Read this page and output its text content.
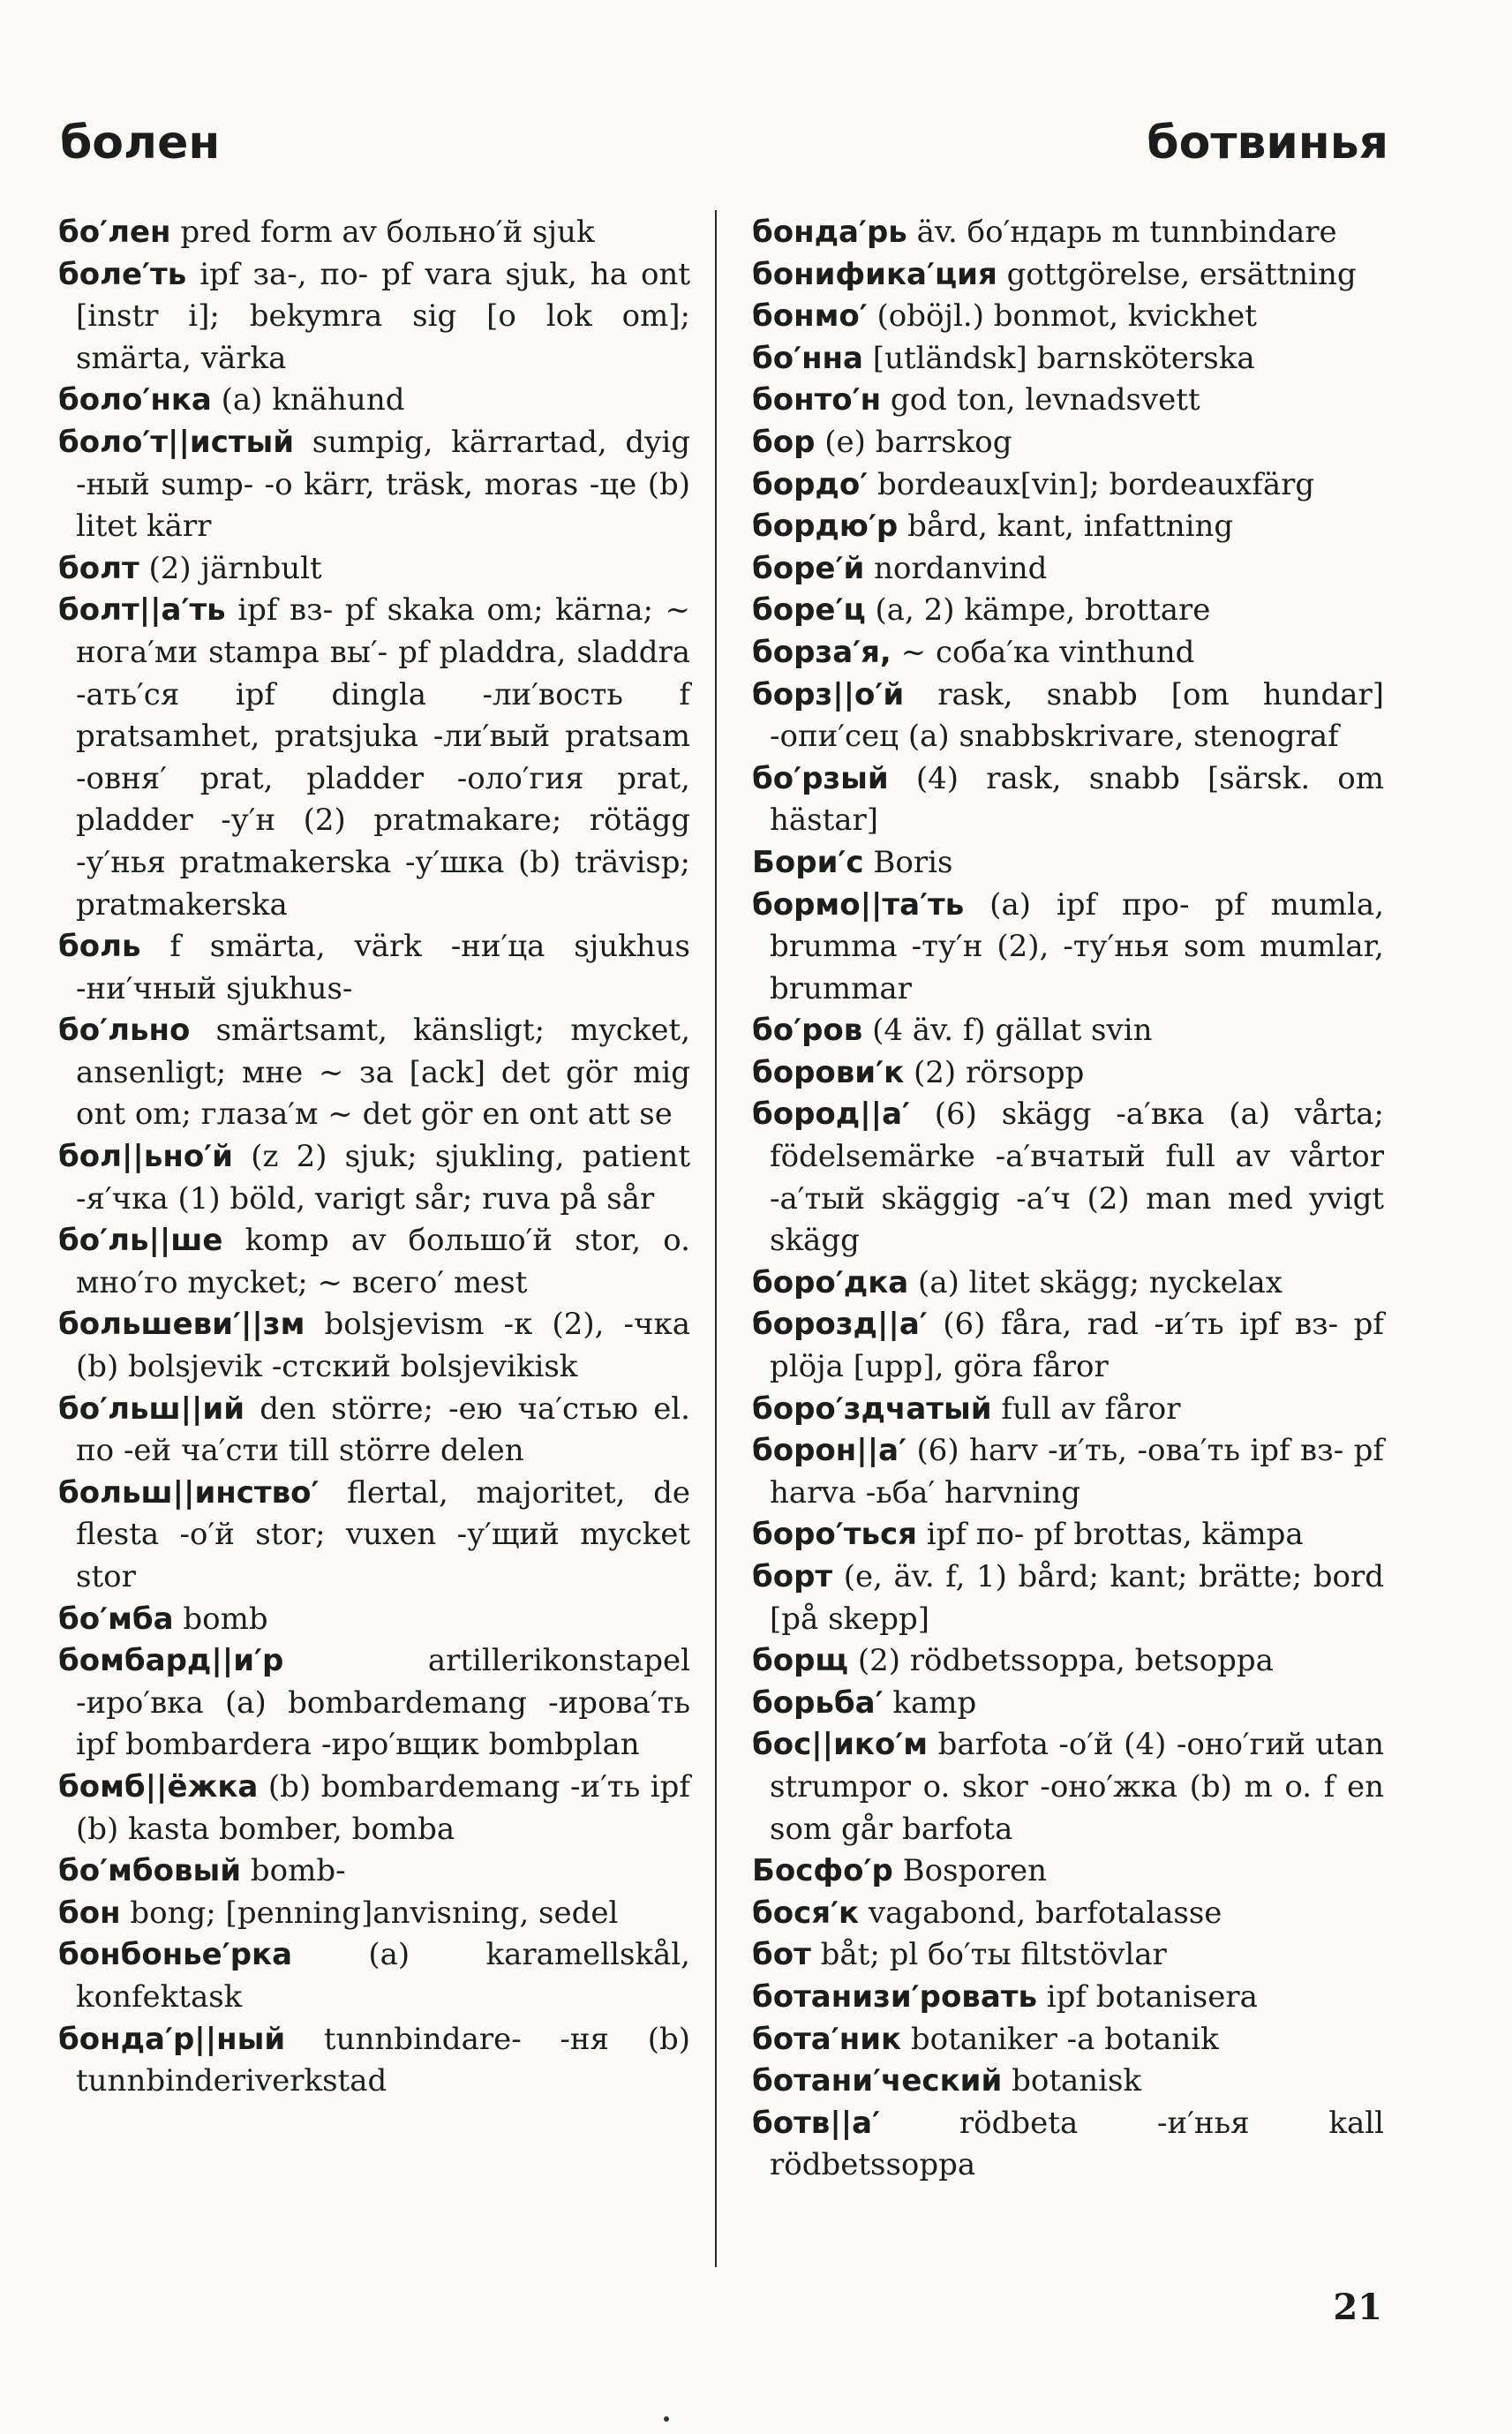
болен	ботвинья

бо′лен pred form av больно′й sjuk

боле′ть ipf за-, по- pf vara sjuk, ha ont [instr i]; bekymra sig [o lok om]; smärta, värka

боло′нка (a) knähund

боло′т||истый sumpig, kärrartad, dyig -ный sump- -о kärr, träsk, moras -це (b) litet kärr

болт (2) järnbult

болт||а′ть ipf вз- pf skaka om; kärna; ~ нога′ми stampa вы′- pf pladdra, sladdra -ать′ся ipf dingla -ли′вость f pratsamhet, pratsjuka -ли′вый pratsam -овня′ prat, pladder -оло′гия prat, pladder -у′н (2) pratmakare; rötägg -у′нья pratmakerska -у′шка (b) trävisp; pratmakerska

боль f smärta, värk -ни′ца sjukhus -ни′чный sjukhus-

бо′льно smärtsamt, känsligt; mycket, ansenligt; мне ~ за [ack] det gör mig ont om; глаза′м ~ det gör en ont att se

бол||ьно′й (z 2) sjuk; sjukling, patient -я′чка (1) böld, varigt sår; ruva på sår

бо′ль||ше komp av большо′й stor, o. мно′го mycket; ~ всего′ mest

большеви′||зм bolsjevism -к (2), -чка (b) bolsjevik -стский bolsjevikisk

бо′льш||ий den större; -ею ча′стью el. по -ей ча′сти till större delen

больш||инство′ flertal, majoritet, de flesta -о′й stor; vuxen -у′щий mycket stor

бо′мба bomb

бомбард||и′р artillerikonstapel -иро′вка (a) bombardemang -ирова′ть ipf bombardera -иро′вщик bombplan

бомб||ёжка (b) bombardemang -и′ть ipf (b) kasta bomber, bomba

бо′мбовый bomb-

бон bong; [penning]anvisning, sedel

бонбонье′рка (a) karamellskål, konfektask

бонда′р||ный tunnbindare- -ня (b) tunnbinderiverkstad

бонда′рь äv. бо′ндарь m tunnbindare

бонифика′ция gottgörelse, ersättning

бонмо′ (oböjl.) bonmot, kvickhet

бо′нна [utländsk] barnsköterska

бонто′н god ton, levnadsvett

бор (e) barrskog

бордо′ bordeaux[vin]; bordeauxfärg

бордю′р bård, kant, infattning

боре′й nordanvind

боре′ц (a, 2) kämpe, brottare

борза′я, ~ соба′ка vinthund

борз||о′й rask, snabb [om hundar] -опи′сец (a) snabbskrivare, stenograf

бо′рзый (4) rask, snabb [särsk. om hästar]

Бори′с Boris

бормо||та′ть (a) ipf про- pf mumla, brumma -ту′н (2), -ту′нья som mumlar, brummar

бо′ров (4 äv. f) gällat svin

борови′к (2) rörsopp

бород||а′ (6) skägg -а′вка (a) vårta; födelsemärke -а′вчатый full av vårtor -а′тый skäggig -а′ч (2) man med yvigt skägg

боро′дка (a) litet skägg; nyckelax

борозд||а′ (6) fåra, rad -и′ть ipf вз- pf plöja [upp], göra fåror

боро′здчатый full av fåror

борон||а′ (6) harv -и′ть, -ова′ть ipf вз- pf harva -ьба′ harvning

боро′ться ipf по- pf brottas, kämpa

борт (e, äv. f, 1) bård; kant; brätte; bord [på skepp]

борщ (2) rödbetssoppa, betsoppa

борьба′ kamp

бос||ико′м barfota -о′й (4) -оно′гий utan strumpor o. skor -оно′жка (b) m o. f en som går barfota

Босфо′р Bosporen

бося′к vagabond, barfotalasse

бот båt; pl бо′ты filtstövlar

ботанизи′ровать ipf botanisera

бота′ник botaniker -а botanik

ботани′ческий botanisk

ботв||а′ rödbeta -и′нья kall rödbetssoppa

21
